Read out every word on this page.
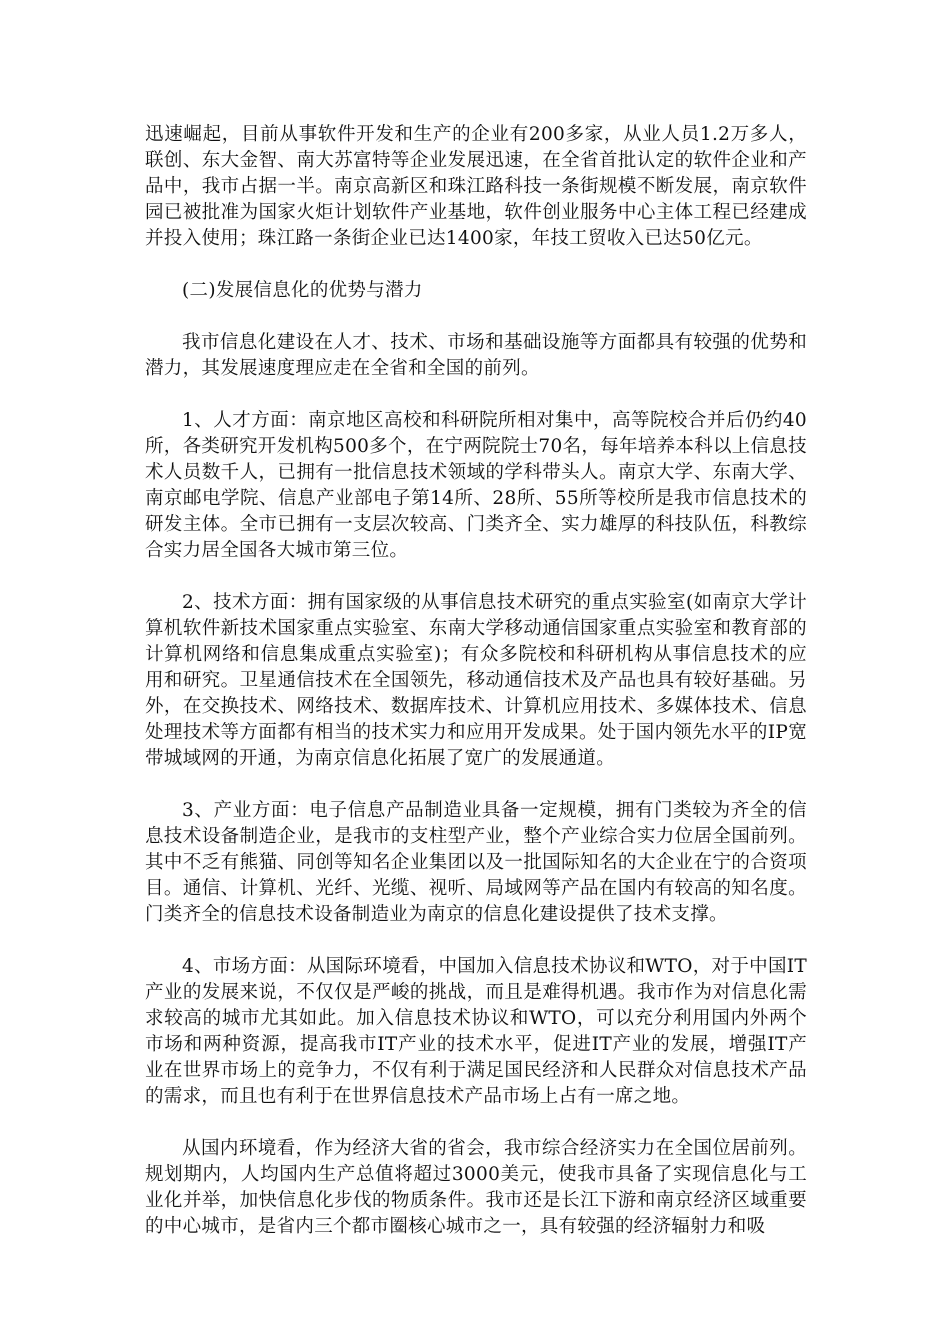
迅速崛起，目前从事软件开发和生产的企业有200多家，从业人员1.2万多人，联创、东大金智、南大苏富特等企业发展迅速，在全省首批认定的软件企业和产品中，我市占据一半。南京高新区和珠江路科技一条街规模不断发展，南京软件园已被批准为国家火炬计划软件产业基地，软件创业服务中心主体工程已经建成并投入使用；珠江路一条街企业已达1400家，年技工贸收入已达50亿元。

(二)发展信息化的优势与潜力

我市信息化建设在人才、技术、市场和基础设施等方面都具有较强的优势和潜力，其发展速度理应走在全省和全国的前列。

1、人才方面：南京地区高校和科研院所相对集中，高等院校合并后仍约40所，各类研究开发机构500多个，在宁两院院士70名，每年培养本科以上信息技术人员数千人，已拥有一批信息技术领域的学科带头人。南京大学、东南大学、南京邮电学院、信息产业部电子第14所、28所、55所等校所是我市信息技术的研发主体。全市已拥有一支层次较高、门类齐全、实力雄厚的科技队伍，科教综合实力居全国各大城市第三位。

2、技术方面：拥有国家级的从事信息技术研究的重点实验室(如南京大学计算机软件新技术国家重点实验室、东南大学移动通信国家重点实验室和教育部的计算机网络和信息集成重点实验室)；有众多院校和科研机构从事信息技术的应用和研究。卫星通信技术在全国领先，移动通信技术及产品也具有较好基础。另外，在交换技术、网络技术、数据库技术、计算机应用技术、多媒体技术、信息处理技术等方面都有相当的技术实力和应用开发成果。处于国内领先水平的IP宽带城域网的开通，为南京信息化拓展了宽广的发展通道。

3、产业方面：电子信息产品制造业具备一定规模，拥有门类较为齐全的信息技术设备制造企业，是我市的支柱型产业，整个产业综合实力位居全国前列。其中不乏有熊猫、同创等知名企业集团以及一批国际知名的大企业在宁的合资项目。通信、计算机、光纤、光缆、视听、局域网等产品在国内有较高的知名度。门类齐全的信息技术设备制造业为南京的信息化建设提供了技术支撑。

4、市场方面：从国际环境看，中国加入信息技术协议和WTO，对于中国IT产业的发展来说，不仅仅是严峻的挑战，而且是难得机遇。我市作为对信息化需求较高的城市尤其如此。加入信息技术协议和WTO，可以充分利用国内外两个市场和两种资源，提高我市IT产业的技术水平，促进IT产业的发展，增强IT产业在世界市场上的竞争力，不仅有利于满足国民经济和人民群众对信息技术产品的需求，而且也有利于在世界信息技术产品市场上占有一席之地。

从国内环境看，作为经济大省的省会，我市综合经济实力在全国位居前列。规划期内，人均国内生产总值将超过3000美元，使我市具备了实现信息化与工业化并举，加快信息化步伐的物质条件。我市还是长江下游和南京经济区域重要的中心城市，是省内三个都市圈核心城市之一，具有较强的经济辐射力和吸
